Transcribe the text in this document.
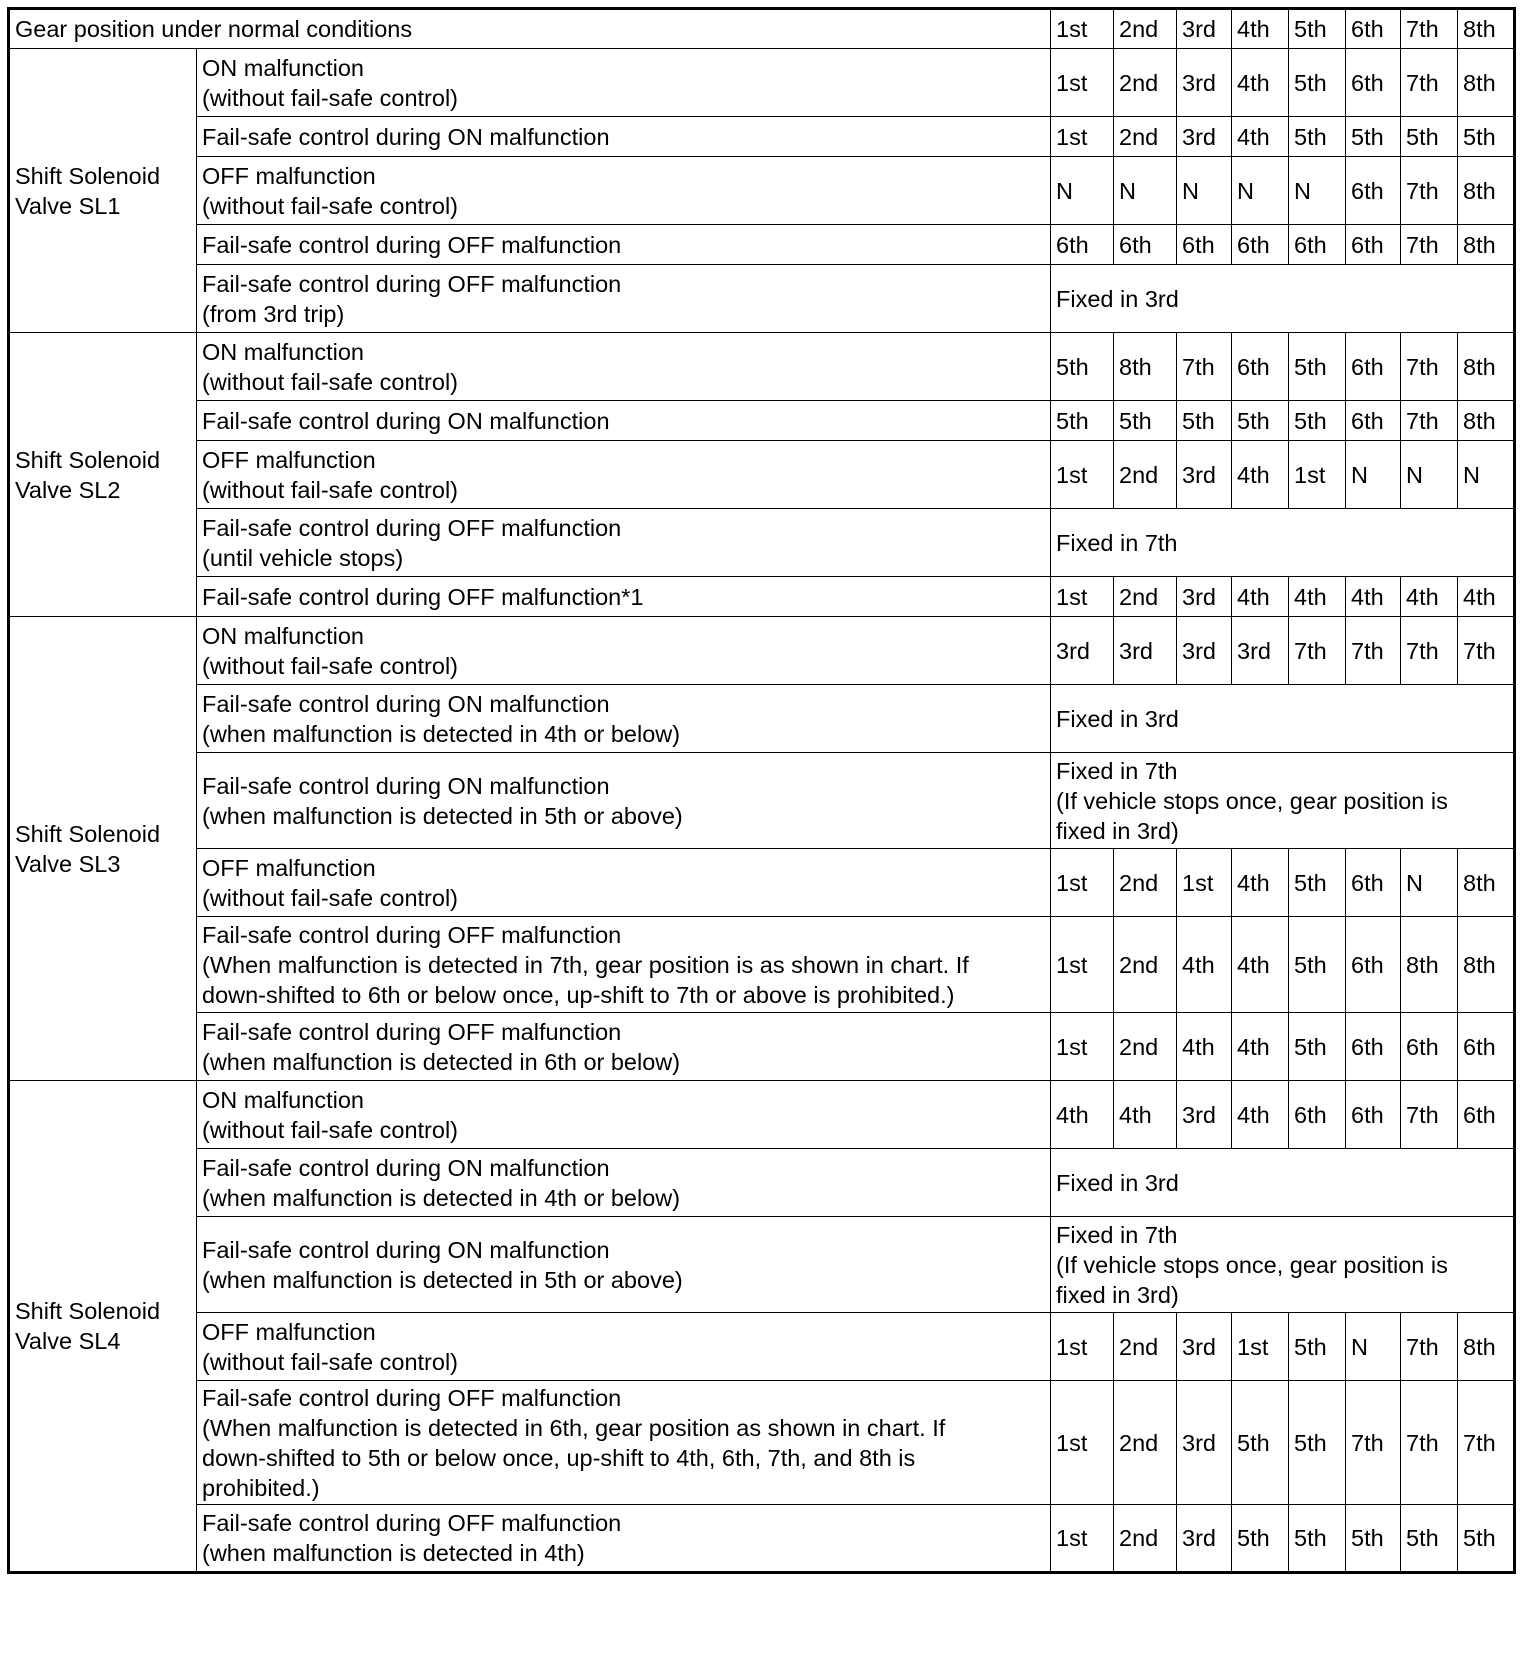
Gear position under normal conditions		1st	2nd	3rd	4th	5th	6th	7th	8th

Shift Solenoid
Valve SL1	ON malfunction
(without fail-safe control)	1st	2nd	3rd	4th	5th	6th	7th	8th

	Fail-safe control during ON malfunction	1st	2nd	3rd	4th	5th	5th	5th	5th

	OFF malfunction
(without fail-safe control)	N	N	N	N	N	6th	7th	8th

	Fail-safe control during OFF malfunction	6th	6th	6th	6th	6th	6th	7th	8th

	Fail-safe control during OFF malfunction
(from 3rd trip)	Fixed in 3rd							

Shift Solenoid
Valve SL2	ON malfunction
(without fail-safe control)	5th	8th	7th	6th	5th	6th	7th	8th

	Fail-safe control during ON malfunction	5th	5th	5th	5th	5th	6th	7th	8th

	OFF malfunction
(without fail-safe control)	1st	2nd	3rd	4th	1st	N	N	N

	Fail-safe control during OFF malfunction
(until vehicle stops)	Fixed in 7th							

	Fail-safe control during OFF malfunction*1	1st	2nd	3rd	4th	4th	4th	4th	4th

Shift Solenoid
Valve SL3	ON malfunction
(without fail-safe control)	3rd	3rd	3rd	3rd	7th	7th	7th	7th

	Fail-safe control during ON malfunction
(when malfunction is detected in 4th or below)	Fixed in 3rd							

	Fail-safe control during ON malfunction
(when malfunction is detected in 5th or above)	Fixed in 7th
(If vehicle stops once, gear position is
fixed in 3rd)							

	OFF malfunction
(without fail-safe control)	1st	2nd	1st	4th	5th	6th	N	8th

	Fail-safe control during OFF malfunction
(When malfunction is detected in 7th, gear position is as shown in chart. If
down-shifted to 6th or below once, up-shift to 7th or above is prohibited.)	1st	2nd	4th	4th	5th	6th	8th	8th

	Fail-safe control during OFF malfunction
(when malfunction is detected in 6th or below)	1st	2nd	4th	4th	5th	6th	6th	6th

Shift Solenoid
Valve SL4	ON malfunction
(without fail-safe control)	4th	4th	3rd	4th	6th	6th	7th	6th

	Fail-safe control during ON malfunction
(when malfunction is detected in 4th or below)	Fixed in 3rd							

	Fail-safe control during ON malfunction
(when malfunction is detected in 5th or above)	Fixed in 7th
(If vehicle stops once, gear position is
fixed in 3rd)							

	OFF malfunction
(without fail-safe control)	1st	2nd	3rd	1st	5th	N	7th	8th

	Fail-safe control during OFF malfunction
(When malfunction is detected in 6th, gear position as shown in chart. If
down-shifted to 5th or below once, up-shift to 4th, 6th, 7th, and 8th is
prohibited.)	1st	2nd	3rd	5th	5th	7th	7th	7th

	Fail-safe control during OFF malfunction
(when malfunction is detected in 4th)	1st	2nd	3rd	5th	5th	5th	5th	5th
